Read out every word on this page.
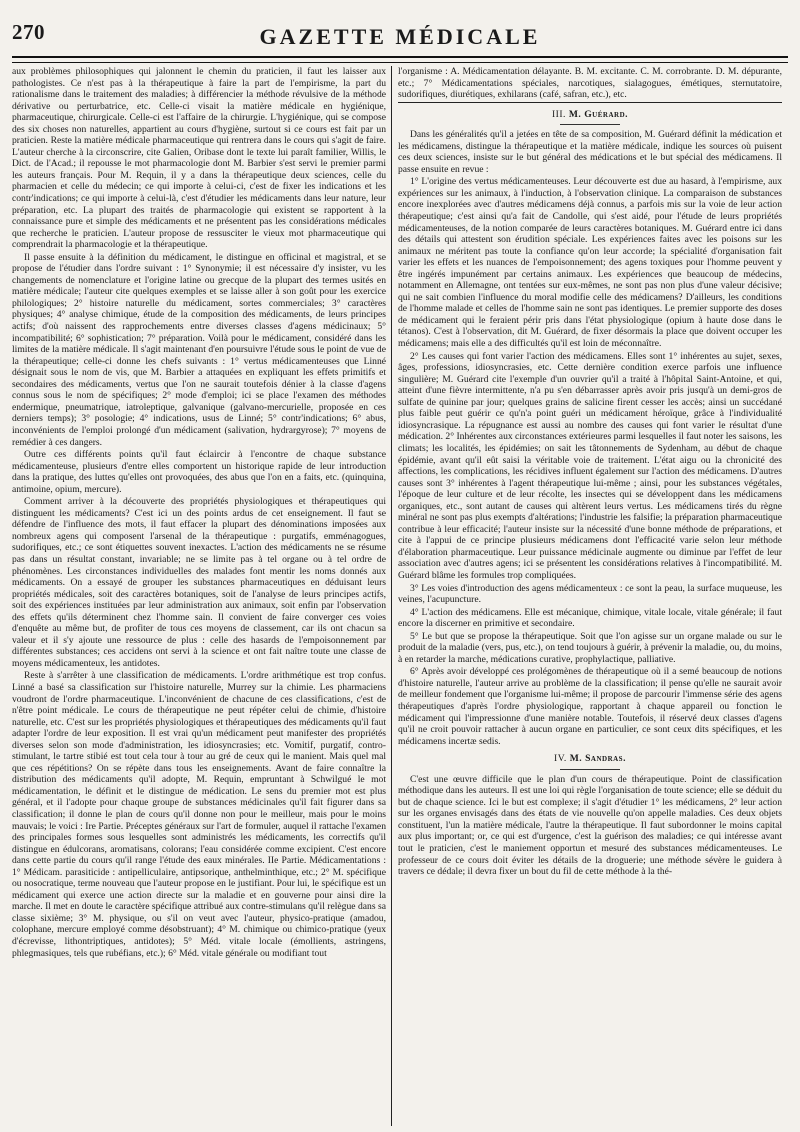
270	GAZETTE MÉDICALE

aux problèmes philosophiques qui jalonnent le chemin du praticien, il faut les laisser aux pathologistes. Ce n'est pas à la thérapeutique à faire la part de l'empirisme, la part du rationalisme dans le traitement des maladies; à différencier la méthode révulsive de la méthode dérivative ou perturbatrice, etc. Celle-ci visait la matière médicale en hygiénique, pharmaceutique, chirurgicale. Celle-ci est l'affaire de la chirurgie. L'hygiénique, qui se compose des six choses non naturelles, appartient au cours d'hygiène, surtout si ce cours est fait par un praticien. Reste la matière médicale pharmaceutique qui rentrera dans le cours qui s'agit de faire. L'auteur cherche à la circonscrire, cite Galien, Oribase dont le texte lui paraît familier, Willis, le Dict. de l'Acad.; il repousse le mot pharmacologie dont M. Barbier s'est servi le premier parmi les auteurs français. Pour M. Requin, il y a dans la thérapeutique deux sciences, celle du pharmacien et celle du médecin; ce qui importe à celui-ci, c'est de fixer les indications et les contr'indications; ce qui importe à celui-là, c'est d'étudier les médicaments dans leur nature, leur préparation, etc. La plupart des traités de pharmacologie qui existent se rapportent à la connaissance pure et simple des médicaments et ne présentent pas les considérations médicales que recherche le praticien. L'auteur propose de ressusciter le vieux mot pharmaceutique qui comprendrait la pharmacologie et la thérapeutique.

Il passe ensuite à la définition du médicament, le distingue en officinal et magistral, et se propose de l'étudier dans l'ordre suivant : 1° Synonymie; il est nécessaire d'y insister, vu les changements de nomenclature et l'origine latine ou grecque de la plupart des termes usités en matière médicale; l'auteur cite quelques exemples et se laisse aller à son goût pour les exercice philologiques; 2° histoire naturelle du médicament, sortes commerciales; 3° caractères physiques; 4° analyse chimique, étude de la composition des médicaments, de leurs principes actifs; d'où naissent des rapprochements entre diverses classes d'agens médicinaux; 5° incompatibilité; 6° sophistication; 7° préparation. Voilà pour le médicament, considéré dans les limites de la matière médicale. Il s'agit maintenant d'en poursuivre l'étude sous le point de vue de la thérapeutique; celle-ci donne les chefs suivants : 1° vertus médicamenteuses que Linné désignait sous le nom de vis, que M. Barbier a attaquées en expliquant les effets primitifs et secondaires des médicaments, vertus que l'on ne saurait toutefois dénier à la classe d'agens connus sous le nom de spécifiques; 2° mode d'emploi; ici se place l'examen des méthodes endermique, pneumatrique, iatroleptique, galvanique (galvano-mercurielle, proposée en ces derniers temps); 3° posologie; 4° indications, usus de Linné; 5° contr'indications; 6° abus, inconvénients de l'emploi prolongé d'un médicament (salivation, hydrargyrose); 7° moyens de remédier à ces dangers.

Outre ces différents points qu'il faut éclaircir à l'encontre de chaque substance médicamenteuse, plusieurs d'entre elles comportent un historique rapide de leur introduction dans la pratique, des luttes qu'elles ont provoquées, des abus que l'on en a faits, etc. (quinquina, antimoine, opium, mercure).

Comment arriver à la découverte des propriétés physiologiques et thérapeutiques qui distinguent les médicaments? C'est ici un des points ardus de cet enseignement. Il faut se défendre de l'influence des mots, il faut effacer la plupart des dénominations imposées aux nombreux agens qui composent l'arsenal de la thérapeutique : purgatifs, emménagogues, sudorifiques, etc.; ce sont étiquettes souvent inexactes. L'action des médicaments ne se résume pas dans un résultat constant, invariable; ne se limite pas à tel organe ou à tel ordre de phénomènes. Les circonstances individuelles des malades font mentir les noms donnés aux médicaments. On a essayé de grouper les substances pharmaceutiques en déduisant leurs propriétés médicales, soit des caractères botaniques, soit de l'analyse de leurs principes actifs, soit des expériences instituées par leur administration aux animaux, soit enfin par l'observation des effets qu'ils déterminent chez l'homme sain. Il convient de faire converger ces voies d'enquête au même but, de profiter de tous ces moyens de classement, car ils ont chacun sa valeur et il s'y ajoute une ressource de plus : celle des hasards de l'empoisonnement par différentes substances; ces accidens ont servi à la science et ont fait naître toute une classe de moyens médicamenteux, les antidotes.

Reste à s'arrêter à une classification de médicaments. L'ordre arithmétique est trop confus. Linné a basé sa classification sur l'histoire naturelle, Murrey sur la chimie. Les pharmaciens voudront de l'ordre pharmaceutique. L'inconvénient de chacune de ces classifications, c'est de n'être point médicale. Le cours de thérapeutique ne peut répéter celui de chimie, d'histoire naturelle, etc. C'est sur les propriétés physiologiques et thérapeutiques des médicaments qu'il faut adapter l'ordre de leur exposition. Il est vrai qu'un médicament peut manifester des propriétés diverses selon son mode d'administration, les idiosyncrasies; etc. Vomitif, purgatif, contro-stimulant, le tartre stibié est tout cela tour à tour au gré de ceux qui le manient. Mais quel mal que ces répétitions? On se répète dans tous les enseignements. Avant de faire connaître la distribution des médicaments qu'il adopte, M. Requin, empruntant à Schwilgué le mot médicamentation, le définit et le distingue de médication. Le sens du premier mot est plus général, et il l'adopte pour chaque groupe de substances médicinales qu'il fait figurer dans sa classification; il donne le plan de cours qu'il donne non pour le meilleur, mais pour le moins mauvais; le voici : Ire Partie. Préceptes généraux sur l'art de formuler, auquel il rattache l'examen des principales formes sous lesquelles sont administrés les médicaments, les correctifs qu'il distingue en édulcorans, aromatisans, colorans; l'eau considérée comme excipient. C'est encore dans cette partie du cours qu'il range l'étude des eaux minérales. IIe Partie. Médicamentations : 1° Médicam. parasiticide : antipelliculaire, antipsorique, anthelminthique, etc.; 2° M. spécifique ou nosocratique, terme nouveau que l'auteur propose en le justifiant. Pour lui, le spécifique est un médicament qui exerce une action directe sur la maladie et en gouverne pour ainsi dire la marche. Il met en doute le caractère spécifique attribué aux contre-stimulans qu'il relègue dans sa classe sixième; 3° M. physique, ou s'il on veut avec l'auteur, physico-pratique (amadou, colophane, mercure employé comme désobstruant); 4° M. chimique ou chimico-pratique (yeux d'écrevisse, lithontriptiques, antidotes); 5° Méd. vitale locale (émollients, astringens, phlegmasiques, tels que rubéfians, etc.); 6° Méd. vitale générale ou modifiant tout

l'organisme : A. Médicamentation délayante. B. M. excitante. C. M. corrobrante. D. M. dépurante, etc.; 7° Médicamentations spéciales, narcotiques, sialagogues, émétiques, sternutatoire, sudorifiques, diurétiques, exhilarans (café, safran, etc.), etc.

III. M. Guérard.

Dans les généralités qu'il a jetées en tête de sa composition, M. Guérard définit la médication et les médicamens, distingue la thérapeutique et la matière médicale, indique les sources où puisent ces deux sciences, insiste sur le but général des médications et le but spécial des médicamens. Il passe ensuite en revue :

1° L'origine des vertus médicamenteuses. Leur découverte est due au hasard, à l'empirisme, aux expériences sur les animaux, à l'induction, à l'observation clinique. La comparaison de substances encore inexplorées avec d'autres médicamens déjà connus, a parfois mis sur la voie de leur action thérapeutique; c'est ainsi qu'a fait de Candolle, qui s'est aidé, pour l'étude de leurs propriétés médicamenteuses, de la notion comparée de leurs caractères botaniques. M. Guérard entre ici dans des détails qui attestent son érudition spéciale. Les expériences faites avec les poisons sur les animaux ne méritent pas toute la confiance qu'on leur accorde; la spécialité d'organisation fait varier les effets et les nuances de l'empoisonnement; des agens toxiques pour l'homme peuvent y être ingérés impunément par certains animaux. Les expériences que beaucoup de médecins, notamment en Allemagne, ont tentées sur eux-mêmes, ne sont pas non plus d'une valeur décisive; qui ne sait combien l'influence du moral modifie celle des médicamens? D'ailleurs, les conditions de l'homme malade et celles de l'homme sain ne sont pas identiques. Le premier supporte des doses de médicament qui le feraient périr pris dans l'état physiologique (opium à haute dose dans le tétanos). C'est à l'observation, dit M. Guérard, de fixer désormais la place que doivent occuper les médicamens; mais elle a des difficultés qu'il est loin de méconnaître.

2° Les causes qui font varier l'action des médicamens. Elles sont 1° inhérentes au sujet, sexes, âges, professions, idiosyncrasies, etc. Cette dernière condition exerce parfois une influence singulière; M. Guérard cite l'exemple d'un ouvrier qu'il a traité à l'hôpital Saint-Antoine, et qui, atteint d'une fièvre intermittente, n'a pu s'en débarrasser après avoir pris jusqu'à un demi-gros de sulfate de quinine par jour; quelques grains de salicine firent cesser les accès; ainsi un succédané plus faible peut guérir ce qu'n'a point guéri un médicament héroïque, grâce à l'individualité idiosyncrasique. La répugnance est aussi au nombre des causes qui font varier le résultat d'une médication. 2° Inhérentes aux circonstances extérieures parmi lesquelles il faut noter les saisons, les climats; les localités, les épidémies; on sait les tâtonnements de Sydenham, au début de chaque épidémie, avant qu'il eût saisi la véritable voie de traitement. L'état aigu ou la chronicité des affections, les complications, les récidives influent également sur l'action des médicamens. D'autres causes sont 3° inhérentes à l'agent thérapeutique lui-même ; ainsi, pour les substances végétales, l'époque de leur culture et de leur récolte, les insectes qui se développent dans les médicamens organiques, etc., sont autant de causes qui altèrent leurs vertus. Les médicamens tirés du règne minéral ne sont pas plus exempts d'altérations; l'industrie les falsifie; la préparation pharmaceutique contribue à leur efficacité; l'auteur insiste sur la nécessité d'une bonne méthode de préparations, et cite à l'appui de ce principe plusieurs médicamens dont l'efficacité varie selon leur méthode d'élaboration pharmaceutique. Leur puissance médicinale augmente ou diminue par l'effet de leur association avec d'autres agens; ici se présentent les considérations relatives à l'incompatibilité. M. Guérard blâme les formules trop compliquées.

3° Les voies d'introduction des agens médicamenteux : ce sont la peau, la surface muqueuse, les veines, l'acupuncture.

4° L'action des médicamens. Elle est mécanique, chimique, vitale locale, vitale générale; il faut encore la discerner en primitive et secondaire.

5° Le but que se propose la thérapeutique. Soit que l'on agisse sur un organe malade ou sur le produit de la maladie (vers, pus, etc.), on tend toujours à guérir, à prévenir la maladie, ou, du moins, à en retarder la marche, médications curative, prophylactique, palliative.

6° Après avoir développé ces prolégomènes de thérapeutique où il a semé beaucoup de notions d'histoire naturelle, l'auteur arrive au problème de la classification; il pense qu'elle ne saurait avoir de meilleur fondement que l'organisme lui-même; il propose de parcourir l'immense série des agens thérapeutiques d'après l'ordre physiologique, rapportant à chaque appareil ou fonction le médicament qui l'impressionne d'une manière notable. Toutefois, il réservé deux classes d'agens qu'il ne croit pouvoir rattacher à aucun organe en particulier, ce sont ceux dits spécifiques, et les médicamens incertæ sedis.

IV. M. Sandras.

C'est une œuvre difficile que le plan d'un cours de thérapeutique. Point de classification méthodique dans les auteurs. Il est une loi qui règle l'organisation de toute science; elle se déduit du but de chaque science. Ici le but est complexe; il s'agit d'étudier 1° les médicamens, 2° leur action sur les organes envisagés dans des états de vie nouvelle qu'on appelle maladies. Ces deux objets constituent, l'un la matière médicale, l'autre la thérapeutique. Il faut subordonner le moins capital aux plus important; or, ce qui est d'urgence, c'est la guérison des maladies; ce qui intéresse avant tout le praticien, c'est le maniement opportun et mesuré des substances médicamenteuses. Le professeur de ce cours doit éviter les détails de la droguerie; une méthode sévère le guidera à travers ce dédale; il devra fixer un bout du fil de cette méthode à la thé-
